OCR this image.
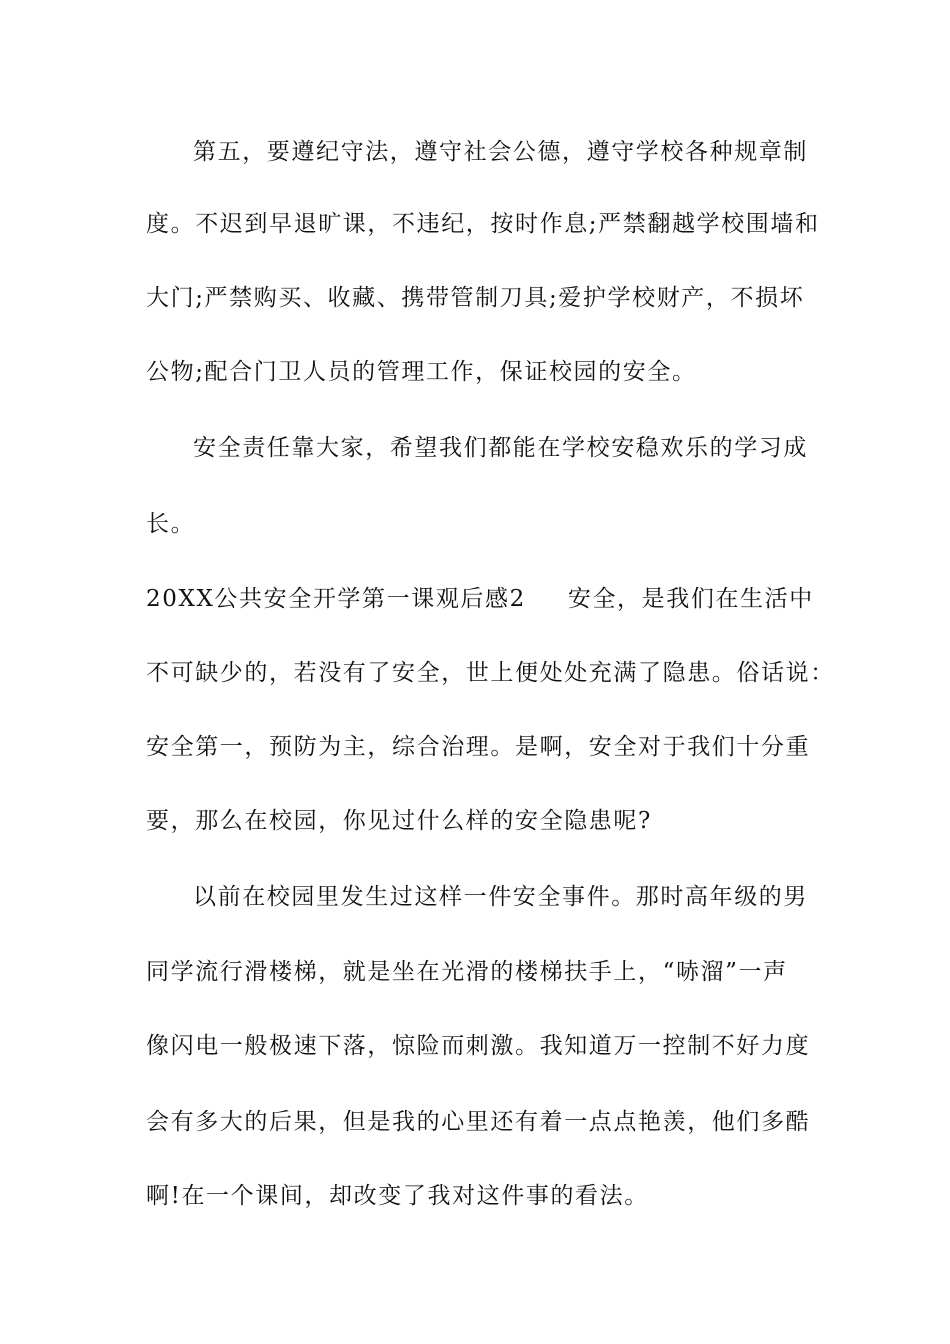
第五，要遵纪守法，遵守社会公德，遵守学校各种规章制
度。不迟到早退旷课，不违纪，按时作息;严禁翻越学校围墙和
大门;严禁购买、收藏、携带管制刀具;爱护学校财产，不损坏
公物;配合门卫人员的管理工作，保证校园的安全。
安全责任靠大家，希望我们都能在学校安稳欢乐的学习成
长。
20XX公共安全开学第一课观后感2 安全，是我们在生活中
不可缺少的，若没有了安全，世上便处处充满了隐患。俗话说：
安全第一，预防为主，综合治理。是啊，安全对于我们十分重
要，那么在校园，你见过什么样的安全隐患呢?
以前在校园里发生过这样一件安全事件。那时高年级的男
同学流行滑楼梯，就是坐在光滑的楼梯扶手上，“哧溜”一声
像闪电一般极速下落，惊险而刺激。我知道万一控制不好力度
会有多大的后果，但是我的心里还有着一点点艳羡，他们多酷
啊!在一个课间，却改变了我对这件事的看法。
